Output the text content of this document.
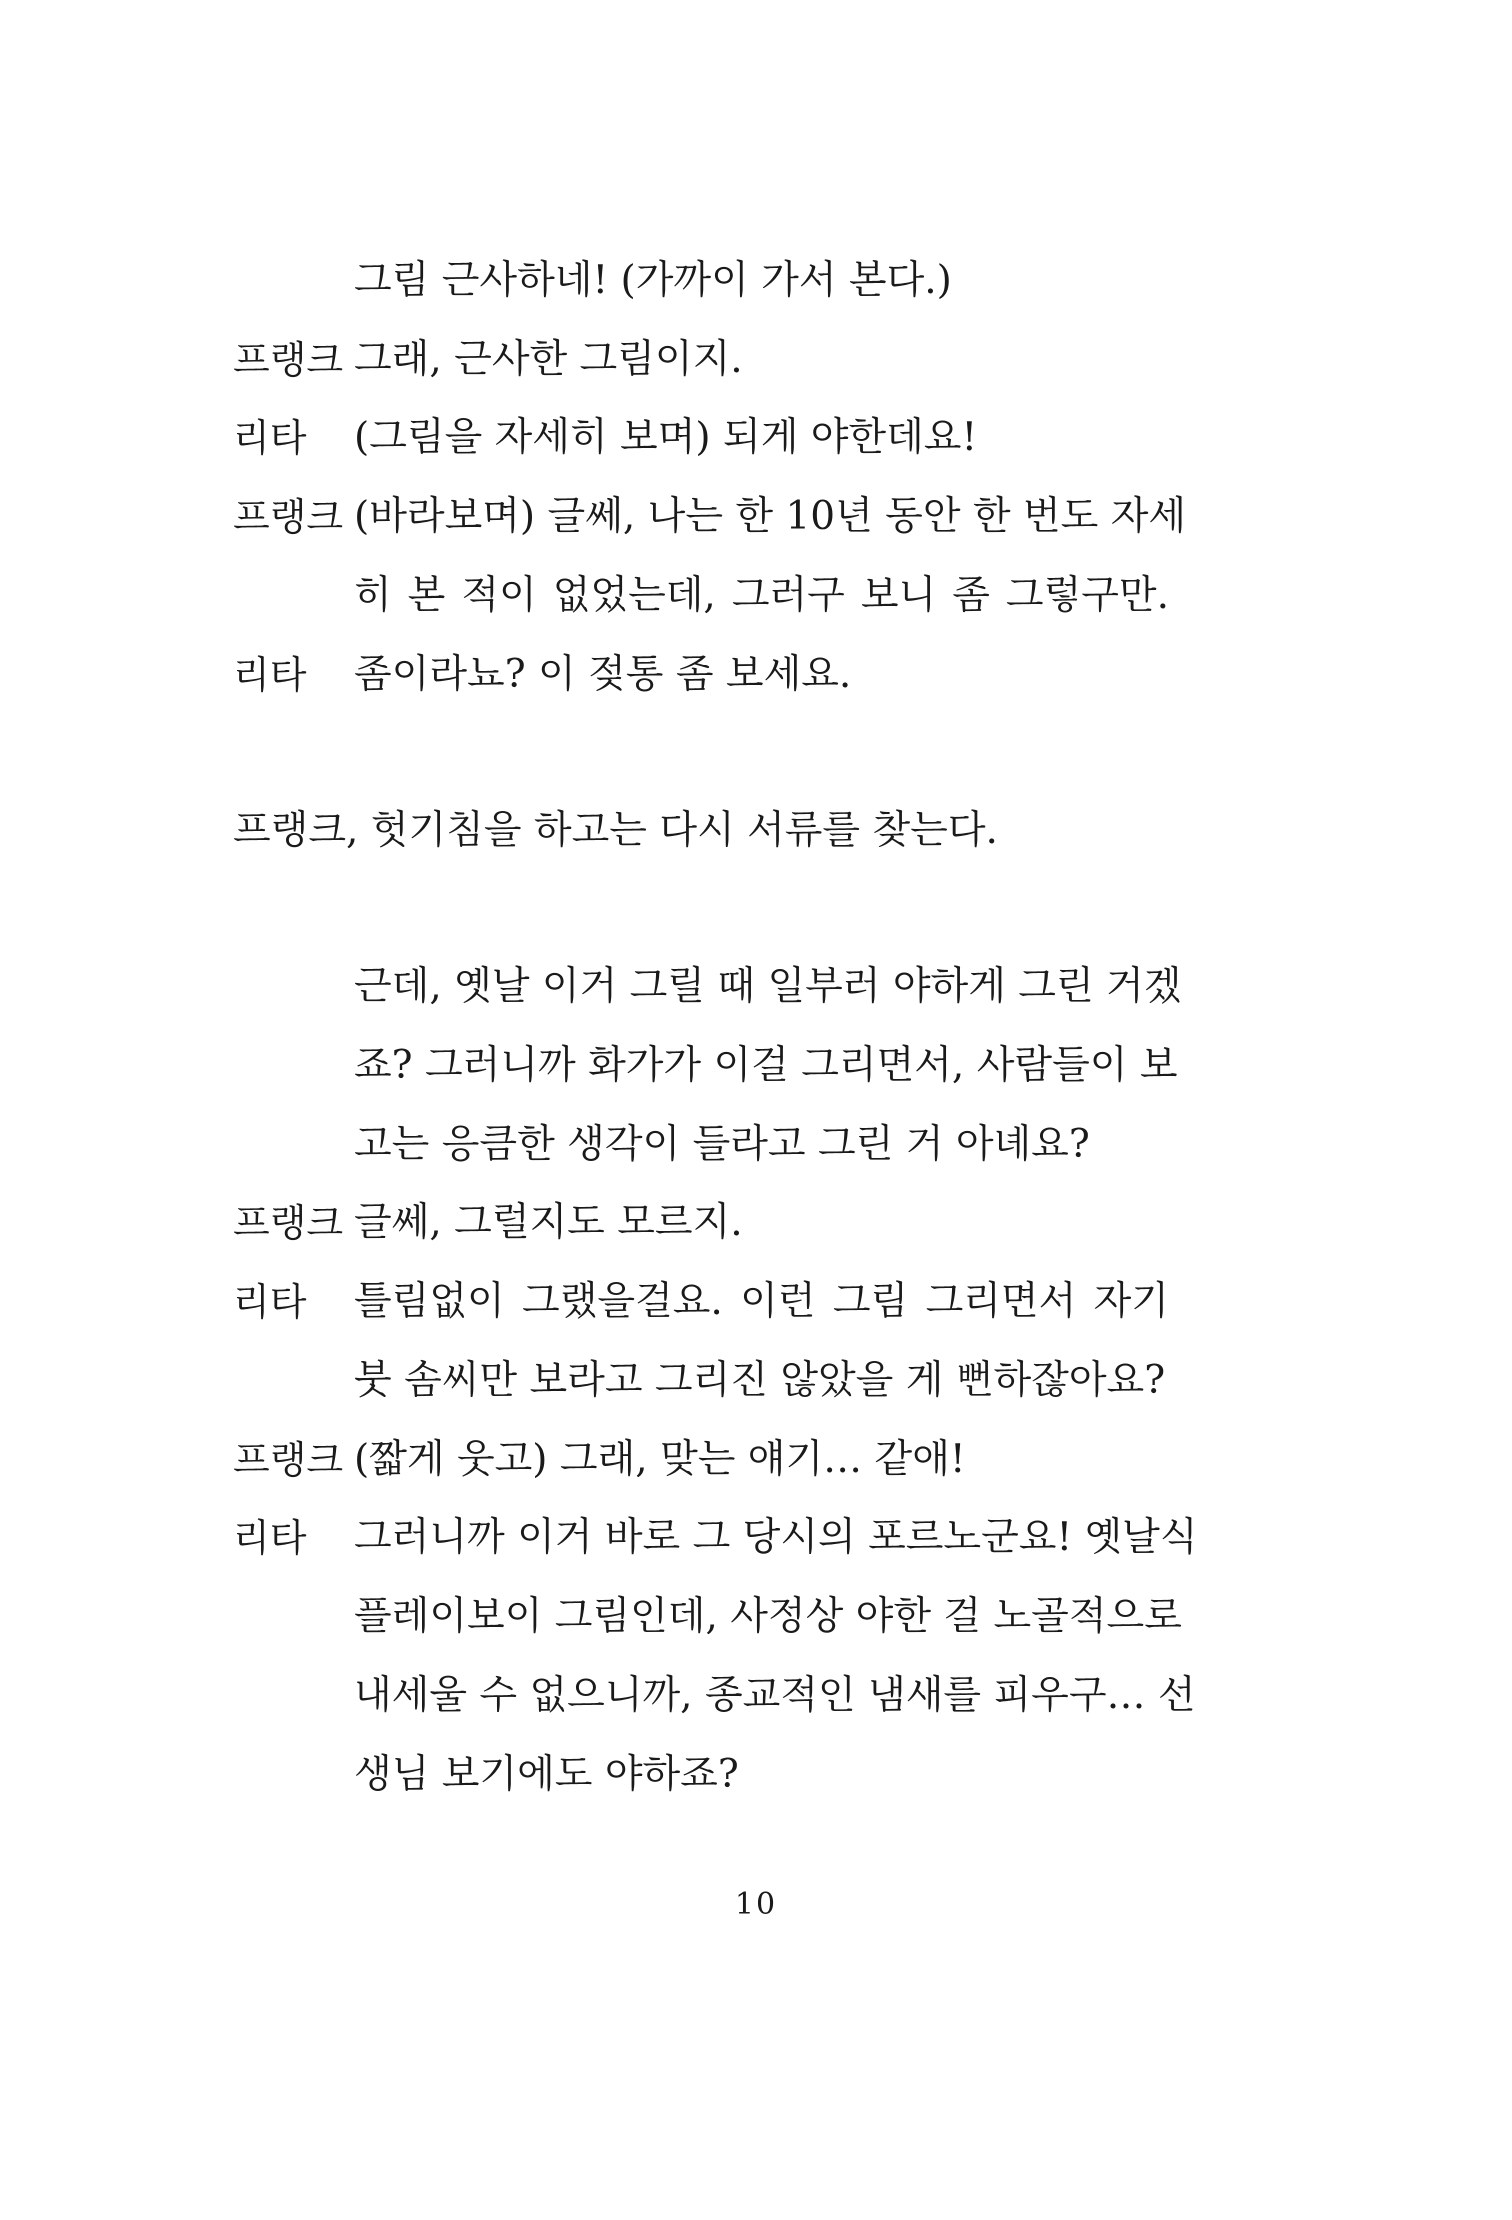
그림 근사하네! (가까이 가서 본다.)
프랭크 그래, 근사한 그림이지.
리타 (그림을 자세히 보며) 되게 야한데요!
프랭크 (바라보며) 글쎄, 나는 한 10년 동안 한 번도 자세
히 본 적이 없었는데, 그러구 보니 좀 그렇구만.
리타 좀이라뇨? 이 젖통 좀 보세요.
프랭크, 헛기침을 하고는 다시 서류를 찾는다.
근데, 옛날 이거 그릴 때 일부러 야하게 그린 거겠
죠? 그러니까 화가가 이걸 그리면서, 사람들이 보
고는 응큼한 생각이 들라고 그린 거 아녜요?
프랭크 글쎄, 그럴지도 모르지.
리타 틀림없이 그랬을걸요. 이런 그림 그리면서 자기
붓 솜씨만 보라고 그리진 않았을 게 뻔하잖아요?
프랭크 (짧게 웃고) 그래, 맞는 얘기… 같애!
리타 그러니까 이거 바로 그 당시의 포르노군요! 옛날식
플레이보이 그림인데, 사정상 야한 걸 노골적으로
내세울 수 없으니까, 종교적인 냄새를 피우구… 선
생님 보기에도 야하죠?
10
